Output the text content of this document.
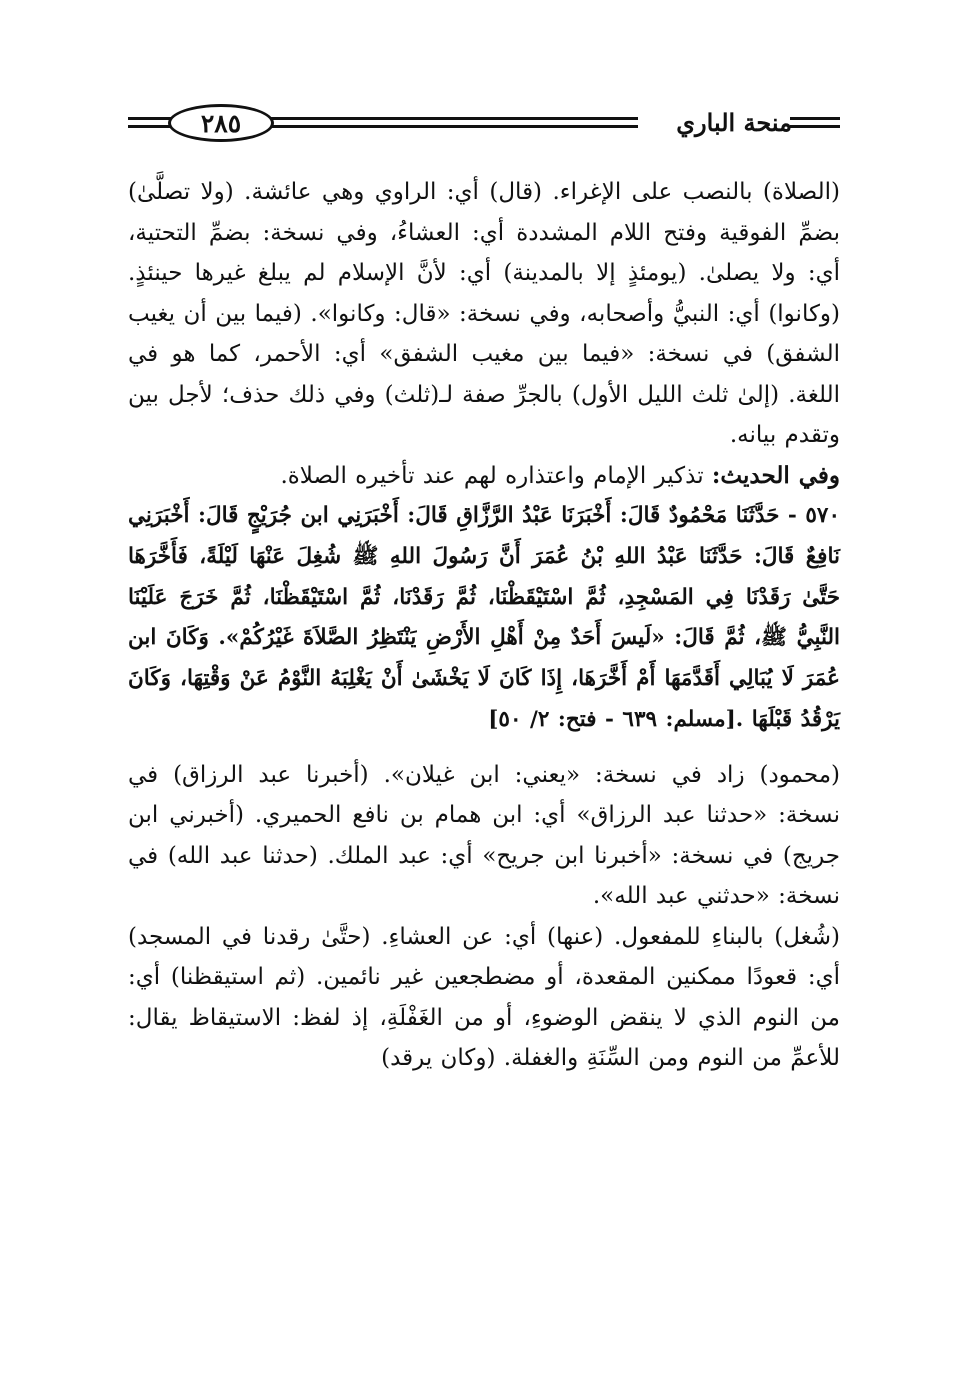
٢٨٥	منحة الباري

(الصلاة) بالنصب على الإغراء. (قال) أي: الراوي وهي عائشة. (ولا تصلَّىٰ) بضمِّ الفوقية وفتح اللام المشددة أي: العشاءُ، وفي نسخة: بضمِّ التحتية، أي: ولا يصلىٰ. (يومئذٍ إلا بالمدينة) أي: لأنَّ الإسلام لم يبلغ غيرها حينئذٍ. (وكانوا) أي: النبيُّ وأصحابه، وفي نسخة: «قال: وكانوا». (فيما بين أن يغيب الشفق) في نسخة: «فيما بين مغيب الشفق» أي: الأحمر، كما هو في اللغة. (إلىٰ ثلث الليل الأول) بالجرِّ صفة لـ(ثلث) وفي ذلك حذف؛ لأجل بين وتقدم بيانه.

وفي الحديث: تذكير الإمام واعتذاره لهم عند تأخيره الصلاة.

٥٧٠ - حَدَّثَنَا مَحْمُودٌ قَالَ: أَخْبَرَنَا عَبْدُ الرَّزَّاقِ قَالَ: أَخْبَرَنِي ابن جُرَيْجٍ قَالَ: أَخْبَرَنِي نَافِعٌ قَالَ: حَدَّثَنَا عَبْدُ اللهِ بْنُ عُمَرَ أَنَّ رَسُولَ اللهِ ﷺ شُغِلَ عَنْهَا لَيْلَةً، فَأَخَّرَهَا حَتَّىٰ رَقَدْنَا فِي المَسْجِدِ، ثُمَّ اسْتَيْقَظْنَا، ثُمَّ رَقَدْنَا، ثُمَّ اسْتَيْقَظْنَا، ثُمَّ خَرَجَ عَلَيْنَا النَّبِيُّ ﷺ، ثُمَّ قَالَ: «لَيسَ أَحَدٌ مِنْ أَهْلِ الأَرْضِ يَنْتَظِرُ الصَّلاَةَ غَيْرُكُمْ». وَكَانَ ابن عُمَرَ لَا يُبَالِي أَقَدَّمَهَا أَمْ أَخَّرَهَا، إِذَا كَانَ لَا يَخْشَىٰ أَنْ يَغْلِبَهُ النَّوْمُ عَنْ وَقْتِهَا، وَكَانَ يَرْقُدُ قَبْلَهَا .[مسلم: ٦٣٩ - فتح: ٢/ ٥٠]

(محمود) زاد في نسخة: «يعني: ابن غيلان». (أخبرنا عبد الرزاق) في نسخة: «حدثنا عبد الرزاق» أي: ابن همام بن نافع الحميري. (أخبرني ابن جريج) في نسخة: «أخبرنا ابن جريح» أي: عبد الملك. (حدثنا عبد الله) في نسخة: «حدثني عبد الله».

(شُغل) بالبناءِ للمفعول. (عنها) أي: عن العشاءِ. (حتَّىٰ رقدنا في المسجد) أي: قعودًا ممكنين المقعدة، أو مضطجعين غير نائمين. (ثم استيقظنا) أي: من النوم الذي لا ينقض الوضوءِ، أو من الغَفْلَةِ، إذ لفظ: الاستيقاظ يقال: للأعمِّ من النوم ومن السِّنَةِ والغفلة. (وكان يرقد)
